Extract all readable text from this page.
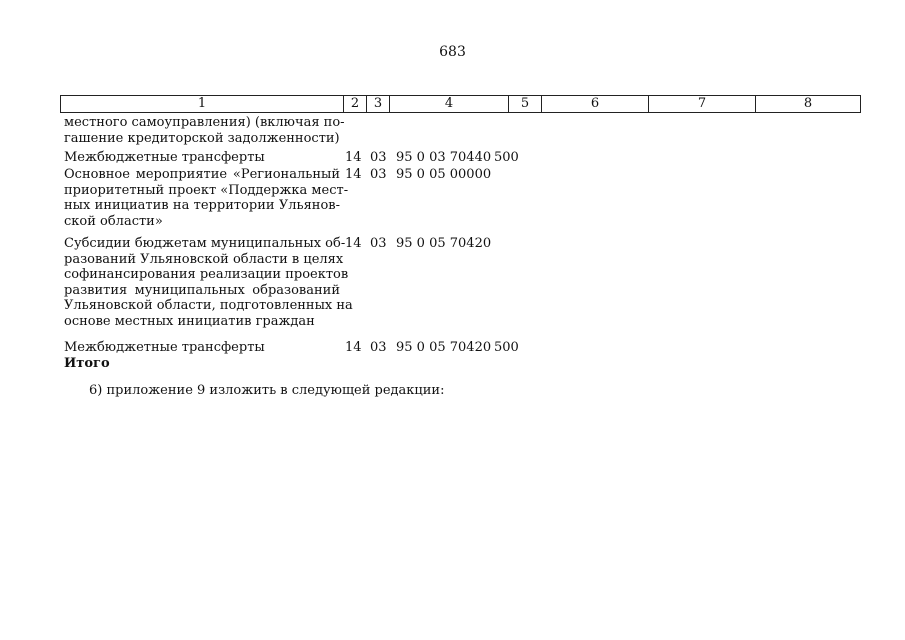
683
1	2	3	4	5	6	7	8
местного самоуправления) (включая по-
гашение кредиторской задолженности)
Межбюджетные трансферты	14 03 95 0 03 70440 500
Основное мероприятие «Региональный
приоритетный проект «Поддержка мест-
ных инициатив на территории Ульянов-
ской области»
14 03 95 0 05 00000
Субсидии бюджетам муниципальных об-
разований Ульяновской области в целях
софинансирования реализации проектов
развития муниципальных образований
Ульяновской области, подготовленных на
основе местных инициатив граждан
14 03 95 0 05 70420
Межбюджетные трансферты	14 03 95 0 05 70420 500
Итого
6) приложение 9 изложить в следующей редакции:
